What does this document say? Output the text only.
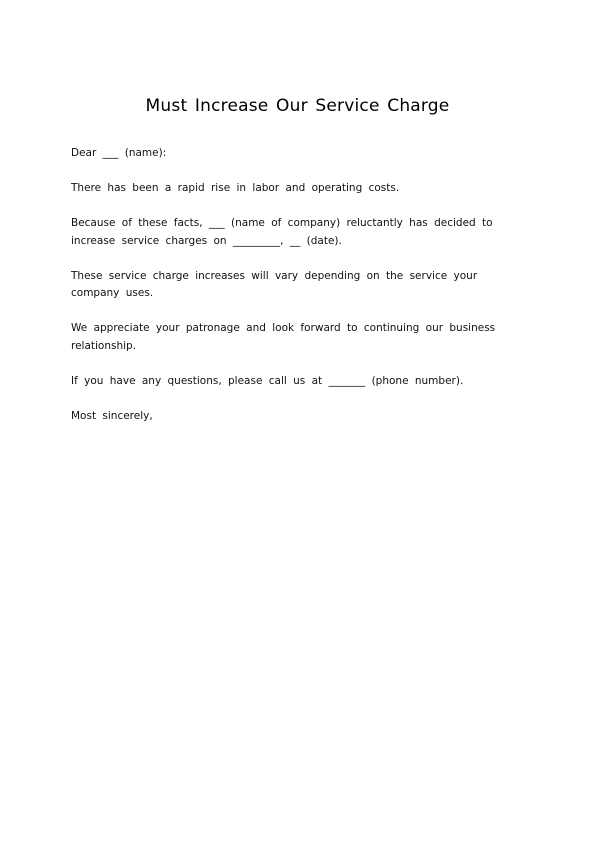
Must Increase Our Service Charge

Dear ___ (name):

There has been a rapid rise in labor and operating costs.

Because of these facts, ___ (name of company) reluctantly has decided to increase service charges on _________, __ (date).

These service charge increases will vary depending on the service your company uses.

We appreciate your patronage and look forward to continuing our business relationship.

If you have any questions, please call us at _______ (phone number).

Most sincerely,
